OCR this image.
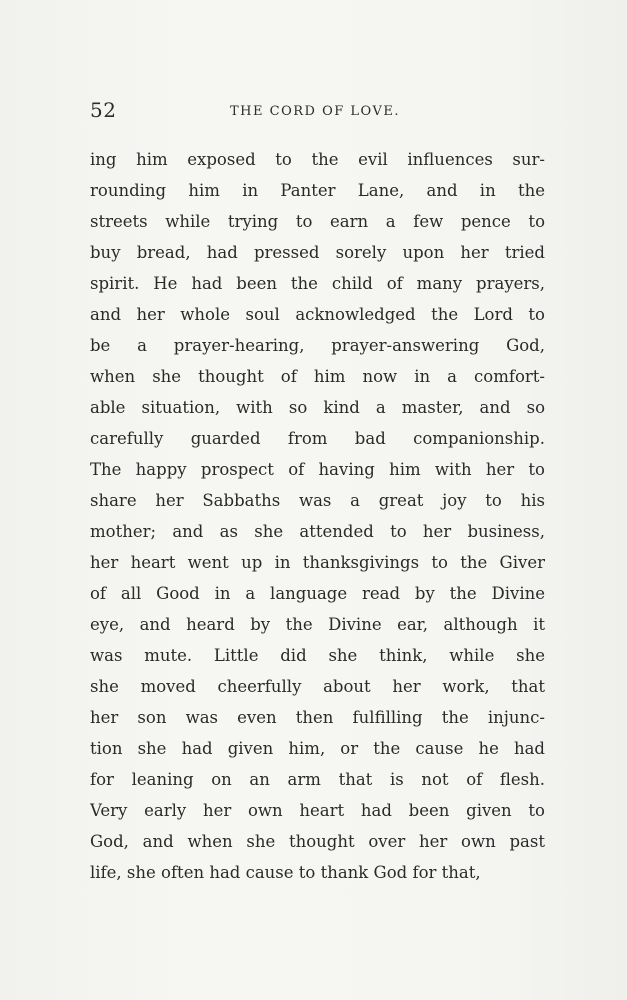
52	THE CORD OF LOVE.
ing him exposed to the evil influences sur-
rounding him in Panter Lane, and in the
streets while trying to earn a few pence to
buy bread, had pressed sorely upon her tried
spirit. He had been the child of many prayers,
and her whole soul acknowledged the Lord to
be a prayer-hearing, prayer-answering God,
when she thought of him now in a comfort-
able situation, with so kind a master, and so
carefully guarded from bad companionship.
The happy prospect of having him with her to
share her Sabbaths was a great joy to his
mother; and as she attended to her business,
her heart went up in thanksgivings to the Giver
of all Good in a language read by the Divine
eye, and heard by the Divine ear, although it
was mute. Little did she think, while she
she moved cheerfully about her work, that
her son was even then fulfilling the injunc-
tion she had given him, or the cause he had
for leaning on an arm that is not of flesh.
Very early her own heart had been given to
God, and when she thought over her own past
life, she often had cause to thank God for that,
